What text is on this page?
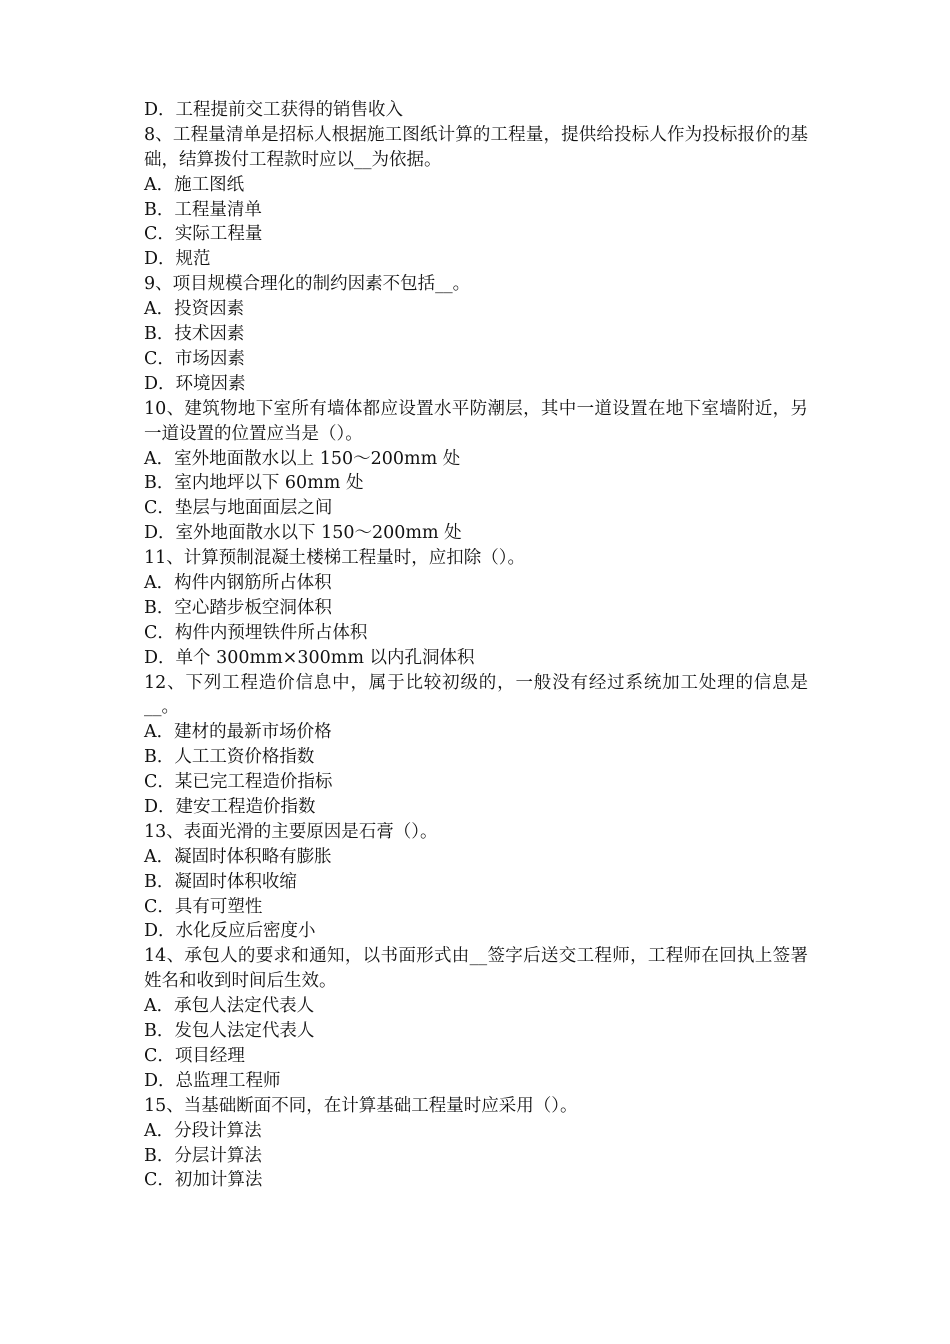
D．工程提前交工获得的销售收入
8、工程量清单是招标人根据施工图纸计算的工程量，提供给投标人作为投标报价的基础，结算拨付工程款时应以__为依据。
A．施工图纸
B．工程量清单
C．实际工程量
D．规范
9、项目规模合理化的制约因素不包括__。
A．投资因素
B．技术因素
C．市场因素
D．环境因素
10、建筑物地下室所有墙体都应设置水平防潮层，其中一道设置在地下室墙附近，另一道设置的位置应当是（）。
A．室外地面散水以上 150～200mm 处
B．室内地坪以下 60mm 处
C．垫层与地面面层之间
D．室外地面散水以下 150～200mm 处
11、计算预制混凝土楼梯工程量时，应扣除（）。
A．构件内钢筋所占体积
B．空心踏步板空洞体积
C．构件内预埋铁件所占体积
D．单个 300mm×300mm 以内孔洞体积
12、下列工程造价信息中，属于比较初级的，一般没有经过系统加工处理的信息是__。
A．建材的最新市场价格
B．人工工资价格指数
C．某已完工程造价指标
D．建安工程造价指数
13、表面光滑的主要原因是石膏（）。
A．凝固时体积略有膨胀
B．凝固时体积收缩
C．具有可塑性
D．水化反应后密度小
14、承包人的要求和通知，以书面形式由__签字后送交工程师，工程师在回执上签署姓名和收到时间后生效。
A．承包人法定代表人
B．发包人法定代表人
C．项目经理
D．总监理工程师
15、当基础断面不同，在计算基础工程量时应采用（）。
A．分段计算法
B．分层计算法
C．初加计算法
